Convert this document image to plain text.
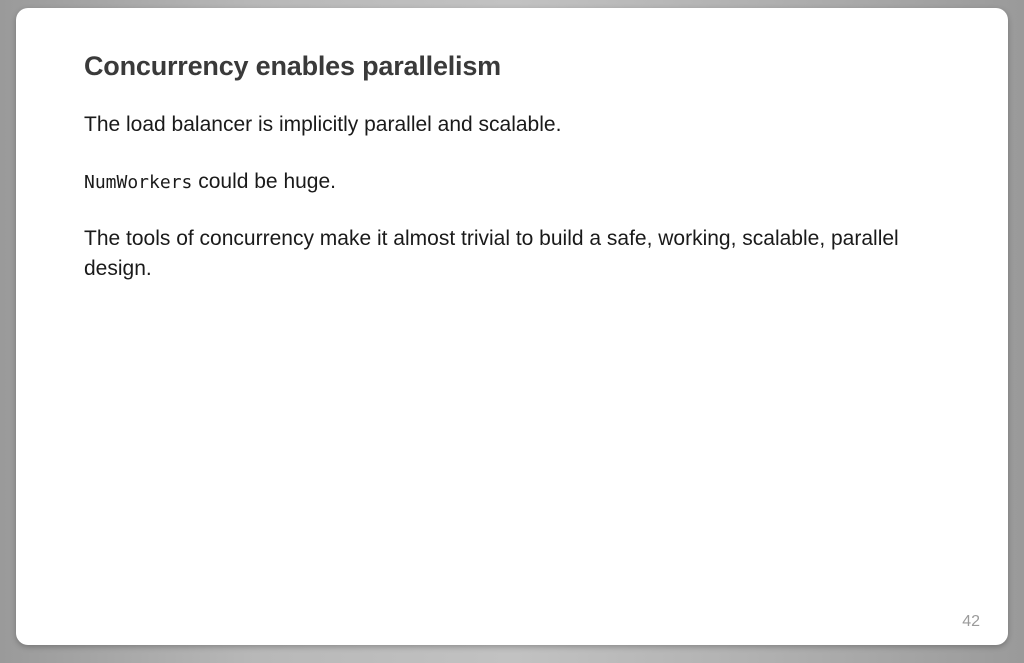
Concurrency enables parallelism

The load balancer is implicitly parallel and scalable.

NumWorkers could be huge.

The tools of concurrency make it almost trivial to build a safe, working, scalable, parallel design.

42
